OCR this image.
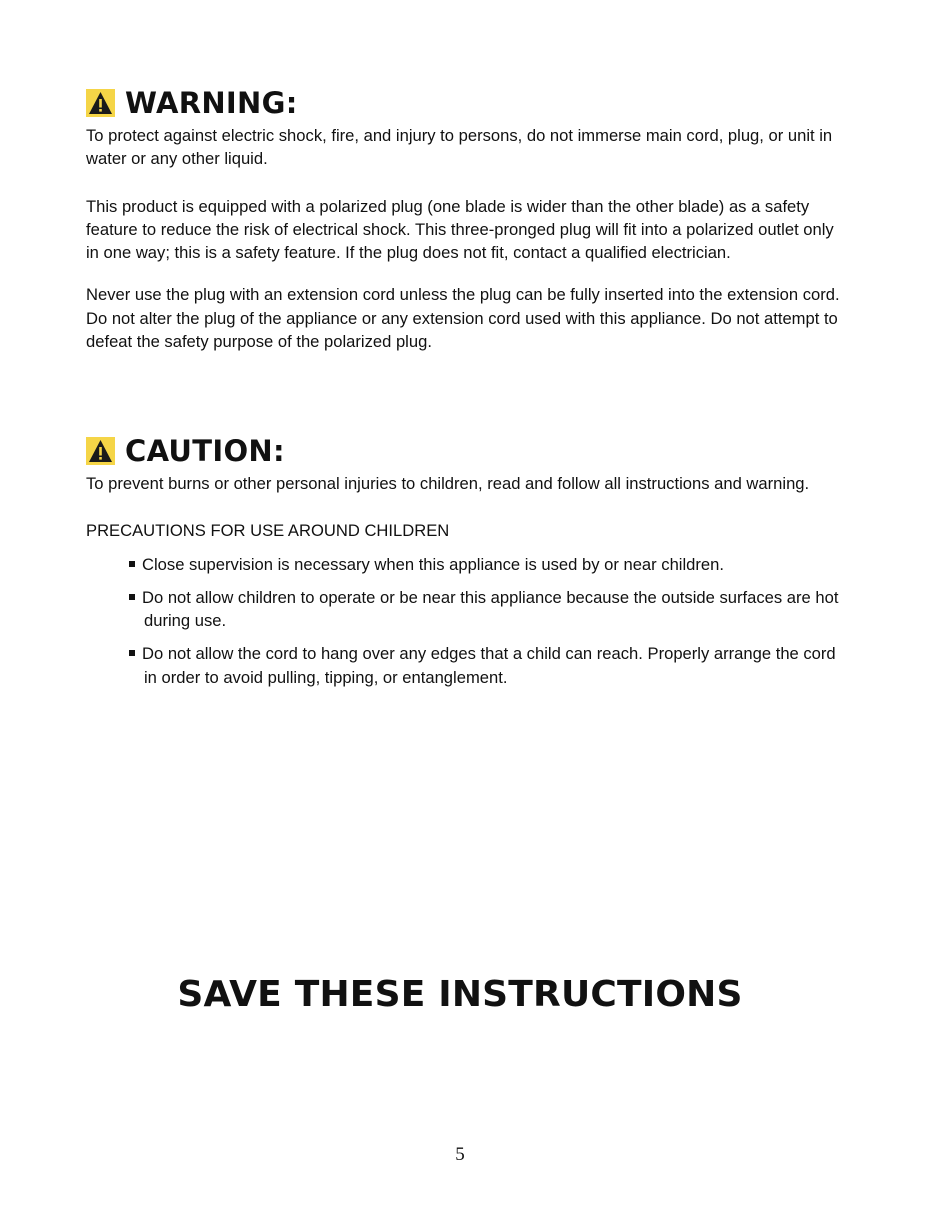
WARNING:

To protect against electric shock, fire, and injury to persons, do not immerse main cord, plug, or unit in water or any other liquid.

This product is equipped with a polarized plug (one blade is wider than the other blade) as a safety feature to reduce the risk of electrical shock. This three-pronged plug will fit into a polarized outlet only in one way; this is a safety feature. If the plug does not fit, contact a qualified electrician.

Never use the plug with an extension cord unless the plug can be fully inserted into the extension cord. Do not alter the plug of the appliance or any extension cord used with this appliance. Do not attempt to defeat the safety purpose of the polarized plug.

CAUTION:

To prevent burns or other personal injuries to children, read and follow all instructions and warning.

PRECAUTIONS FOR USE AROUND CHILDREN

Close supervision is necessary when this appliance is used by or near children.
Do not allow children to operate or be near this appliance because the outside surfaces are hot during use.
Do not allow the cord to hang over any edges that a child can reach. Properly arrange the cord in order to avoid pulling, tipping, or entanglement.
SAVE THESE INSTRUCTIONS
5
